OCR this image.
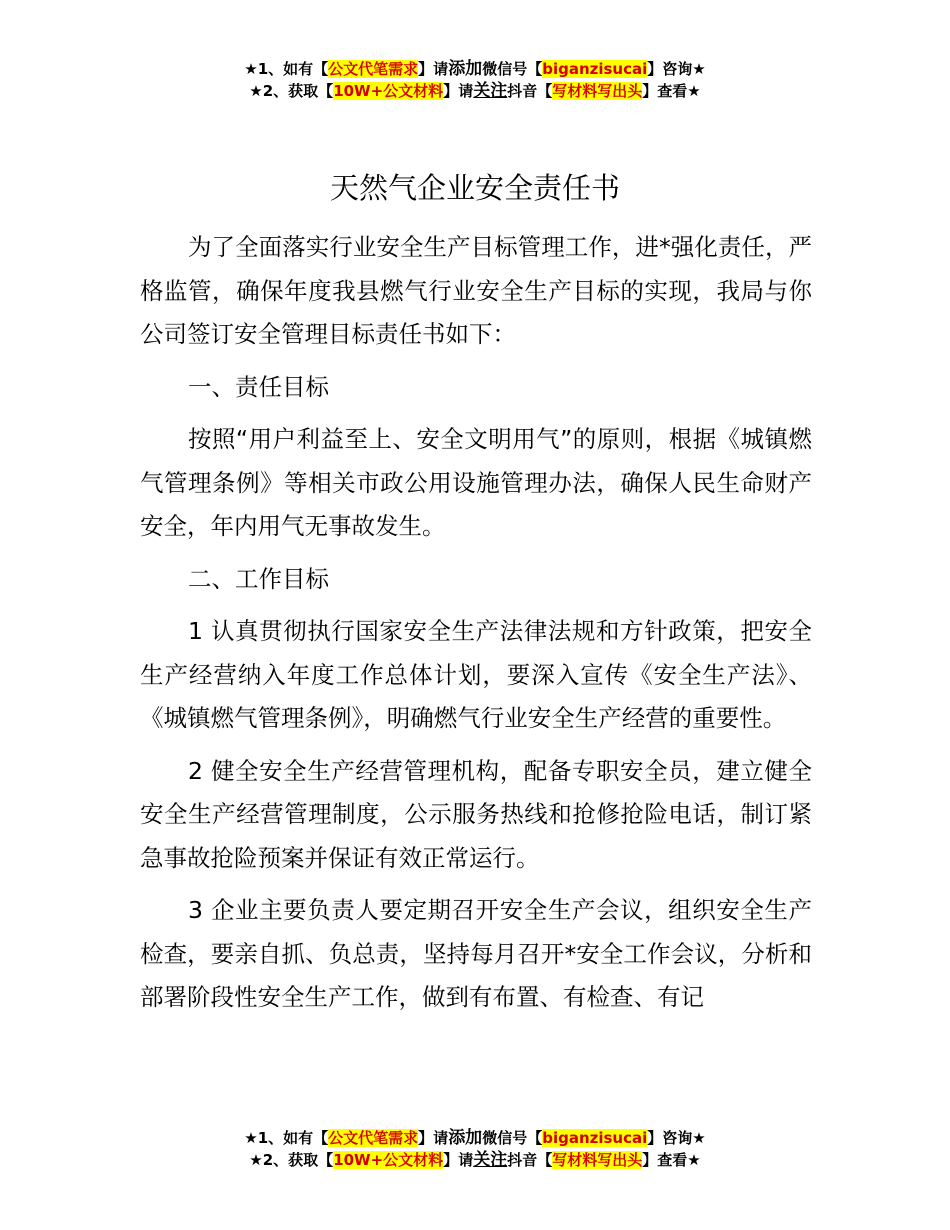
★1、如有【公文代笔需求】请添加微信号【biganzisucai】咨询★
★2、获取【10W+公文材料】请关注抖音【写材料写出头】查看★
天然气企业安全责任书

为了全面落实行业安全生产目标管理工作，进*强化责任，严格监管，确保年度我县燃气行业安全生产目标的实现，我局与你公司签订安全管理目标责任书如下：

一、责任目标

按照“用户利益至上、安全文明用气”的原则，根据《城镇燃气管理条例》等相关市政公用设施管理办法，确保人民生命财产安全，年内用气无事故发生。

二、工作目标

1 认真贯彻执行国家安全生产法律法规和方针政策，把安全生产经营纳入年度工作总体计划，要深入宣传《安全生产法》、《城镇燃气管理条例》，明确燃气行业安全生产经营的重要性。

2 健全安全生产经营管理机构，配备专职安全员，建立健全安全生产经营管理制度，公示服务热线和抢修抢险电话，制订紧急事故抢险预案并保证有效正常运行。

3 企业主要负责人要定期召开安全生产会议，组织安全生产检查，要亲自抓、负总责，坚持每月召开*安全工作会议，分析和部署阶段性安全生产工作，做到有布置、有检查、有记

★1、如有【公文代笔需求】请添加微信号【biganzisucai】咨询★
★2、获取【10W+公文材料】请关注抖音【写材料写出头】查看★
